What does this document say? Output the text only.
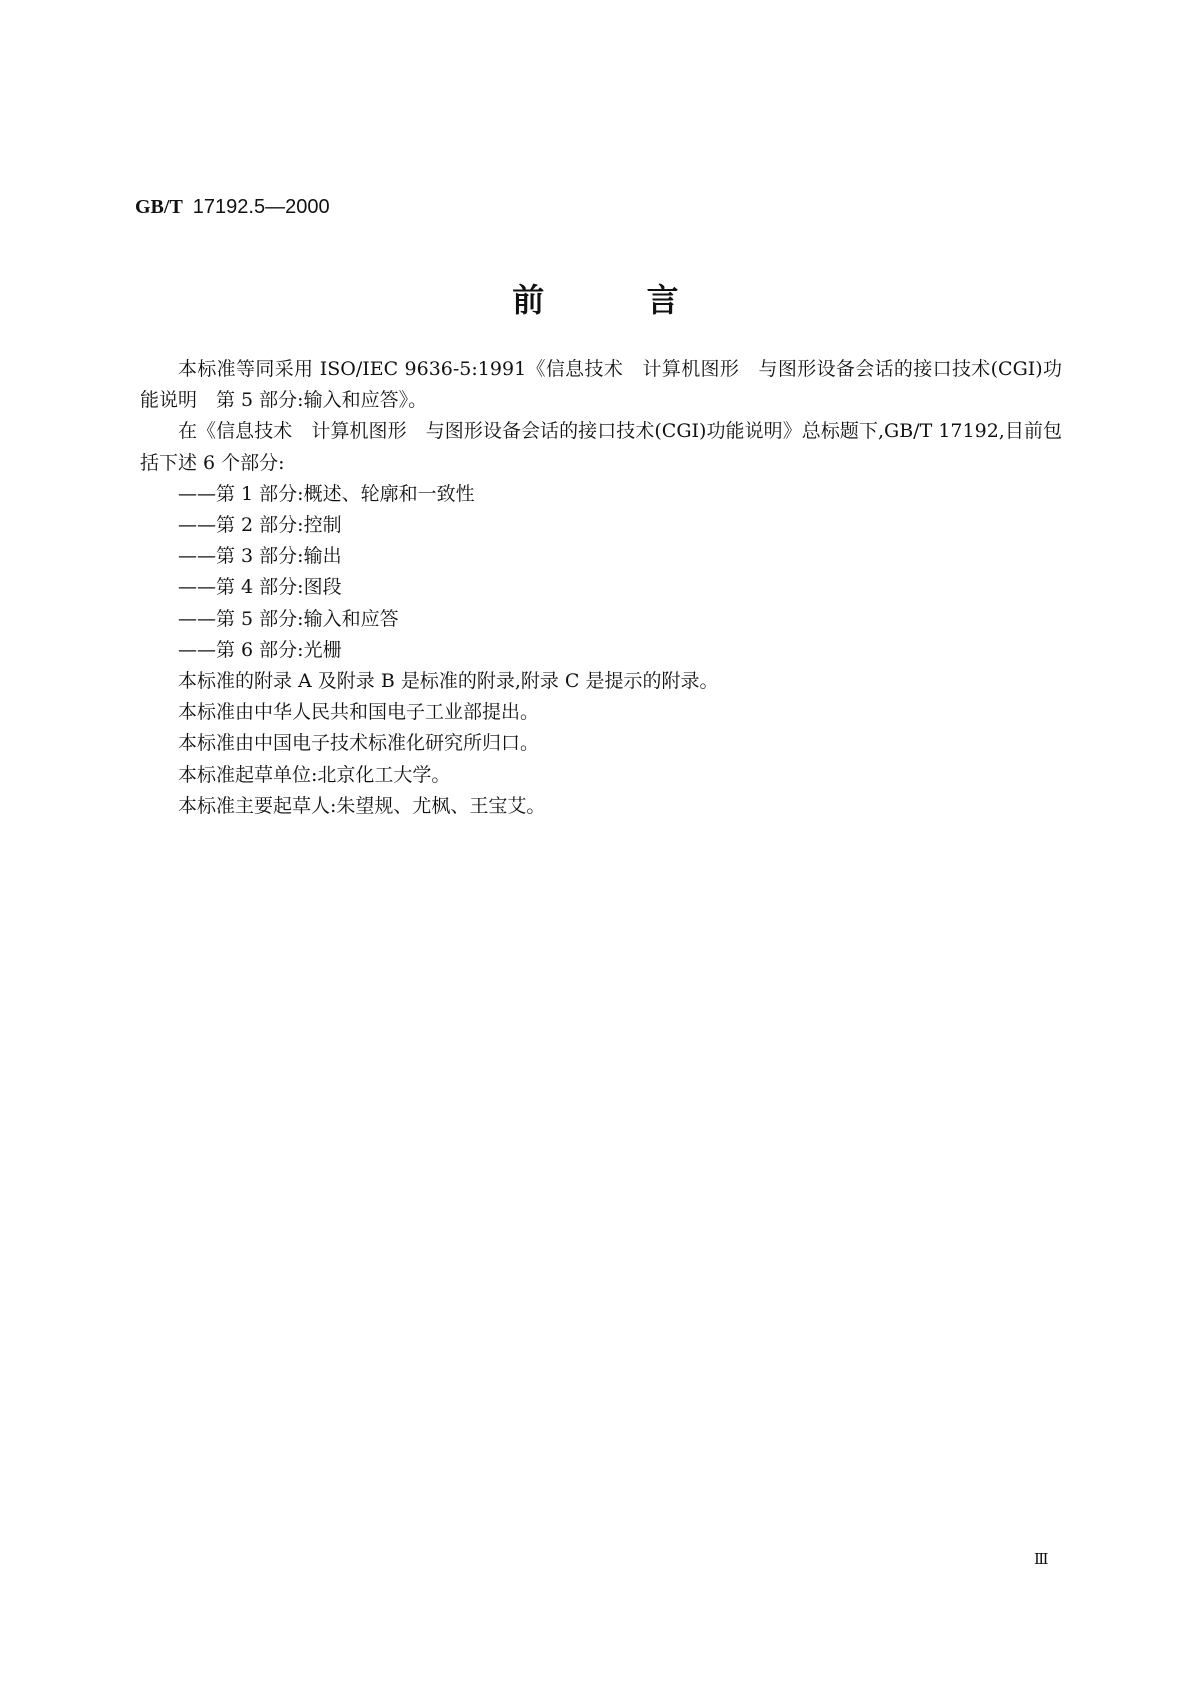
GB/T 17192.5—2000
前言

本标准等同采用 ISO/IEC 9636-5:1991《信息技术　计算机图形　与图形设备会话的接口技术(CGI)功能说明　第 5 部分:输入和应答》。

在《信息技术　计算机图形　与图形设备会话的接口技术(CGI)功能说明》总标题下,GB/T 17192,目前包括下述 6 个部分:

——第 1 部分:概述、轮廓和一致性
——第 2 部分:控制
——第 3 部分:输出
——第 4 部分:图段
——第 5 部分:输入和应答
——第 6 部分:光栅

本标准的附录 A 及附录 B 是标准的附录,附录 C 是提示的附录。

本标准由中华人民共和国电子工业部提出。

本标准由中国电子技术标准化研究所归口。

本标准起草单位:北京化工大学。

本标准主要起草人:朱望规、尤枫、王宝艾。

Ⅲ
